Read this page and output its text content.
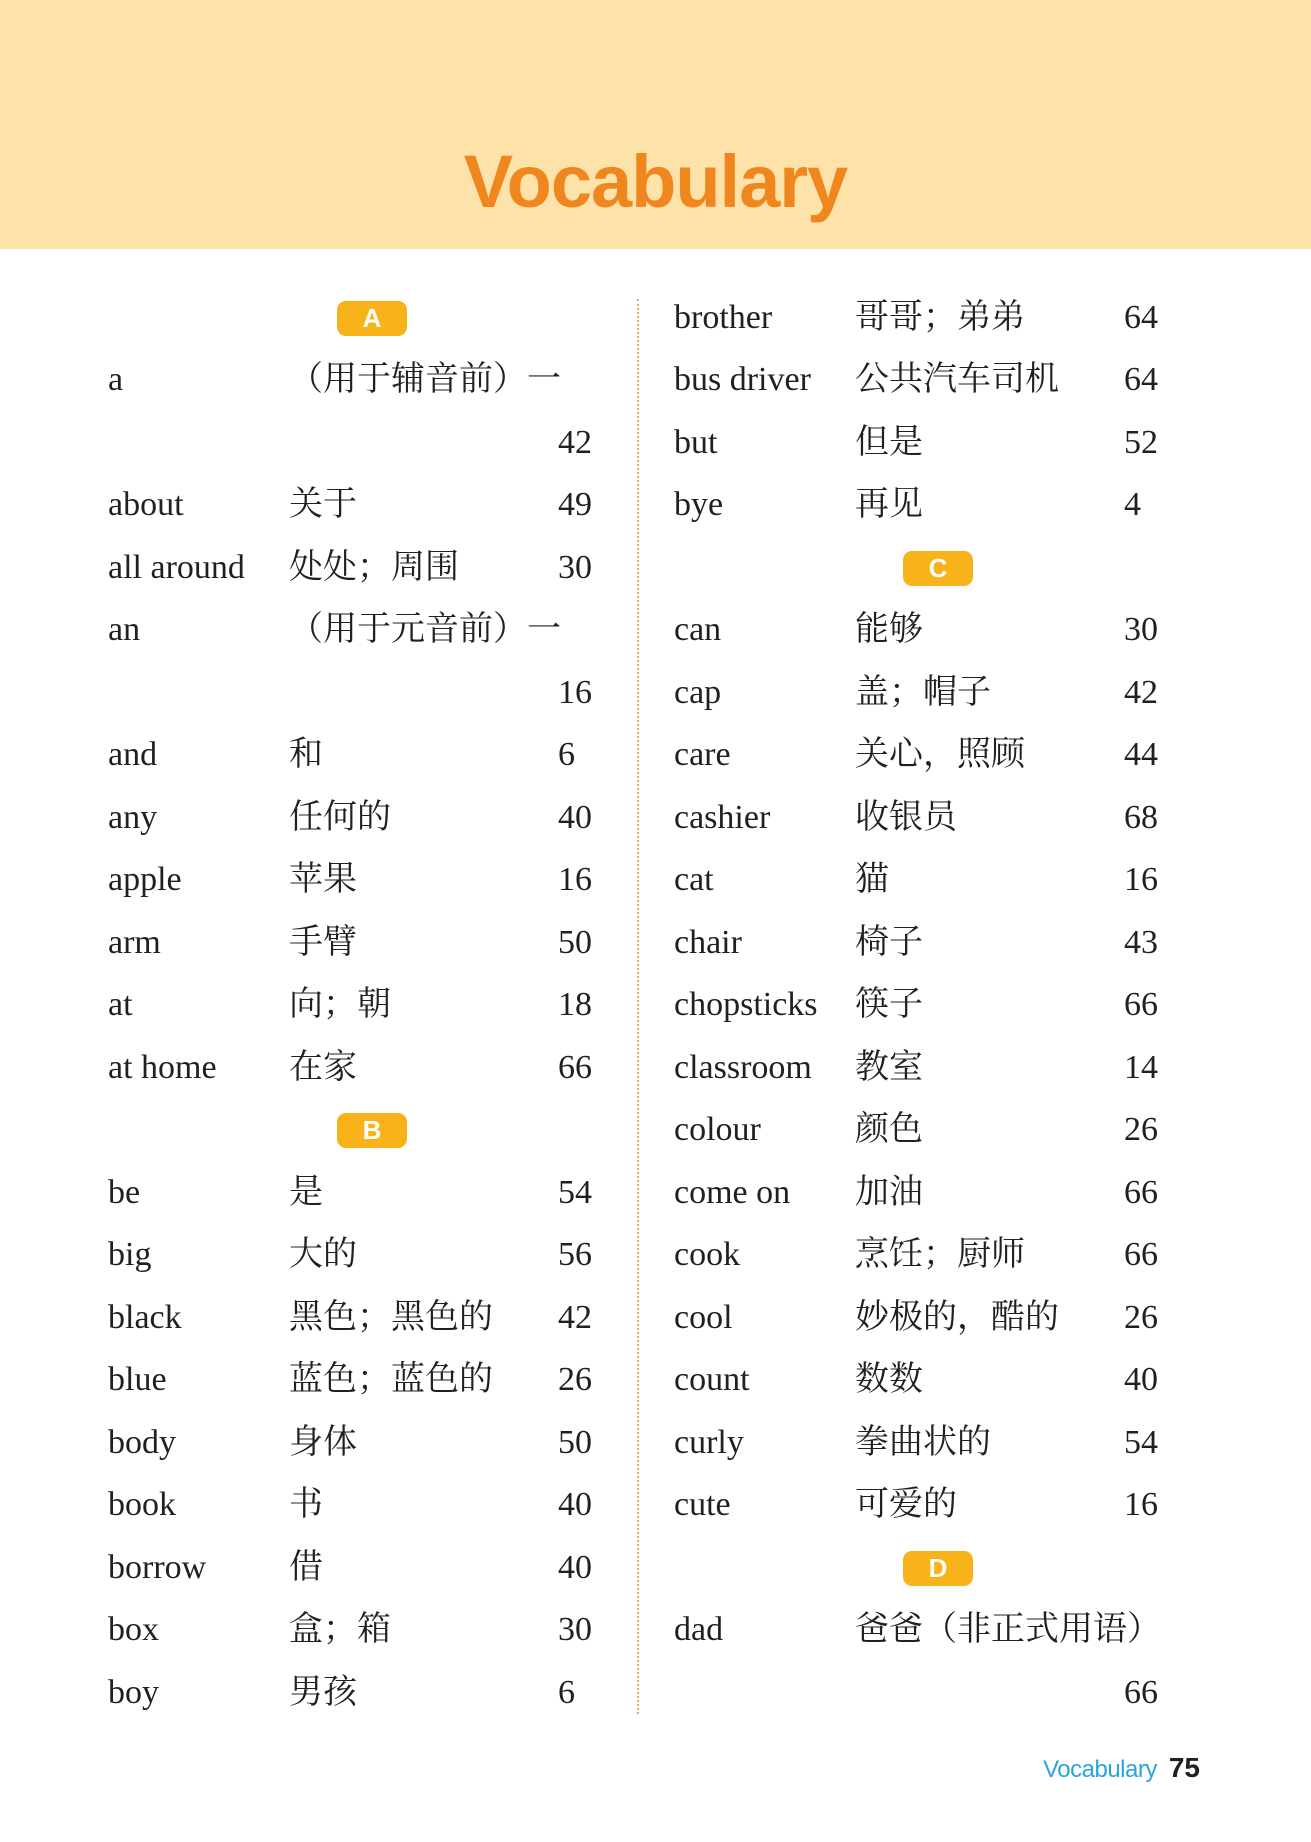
Vocabulary
A
a	（用于辅音前）一
42
about	关于	49
all around 处处；周围	30
an	（用于元音前）一
16
and	和	6
any	任何的	40
apple	苹果	16
arm	手臂	50
at	向；朝	18
at home 在家	66
B
be	是	54
big	大的	56
black	黑色；黑色的 42
blue	蓝色；蓝色的 26
body	身体	50
book	书	40
borrow 借	40
box	盒；箱	30
boy	男孩	6
brother 哥哥；弟弟	64
bus driver 公共汽车司机 64
but	但是	52
bye	再见	4
C
can	能够	30
cap	盖；帽子	42
care	关心，照顾	44
cashier 收银员	68
cat	猫	16
chair	椅子	43
chopsticks 筷子	66
classroom 教室	14
colour	颜色	26
come on 加油	66
cook	烹饪；厨师	66
cool	妙极的，酷的 26
count	数数	40
curly	拳曲状的	54
cute	可爱的	16
D
dad	爸爸（非正式用语）
66
Vocabulary 75
